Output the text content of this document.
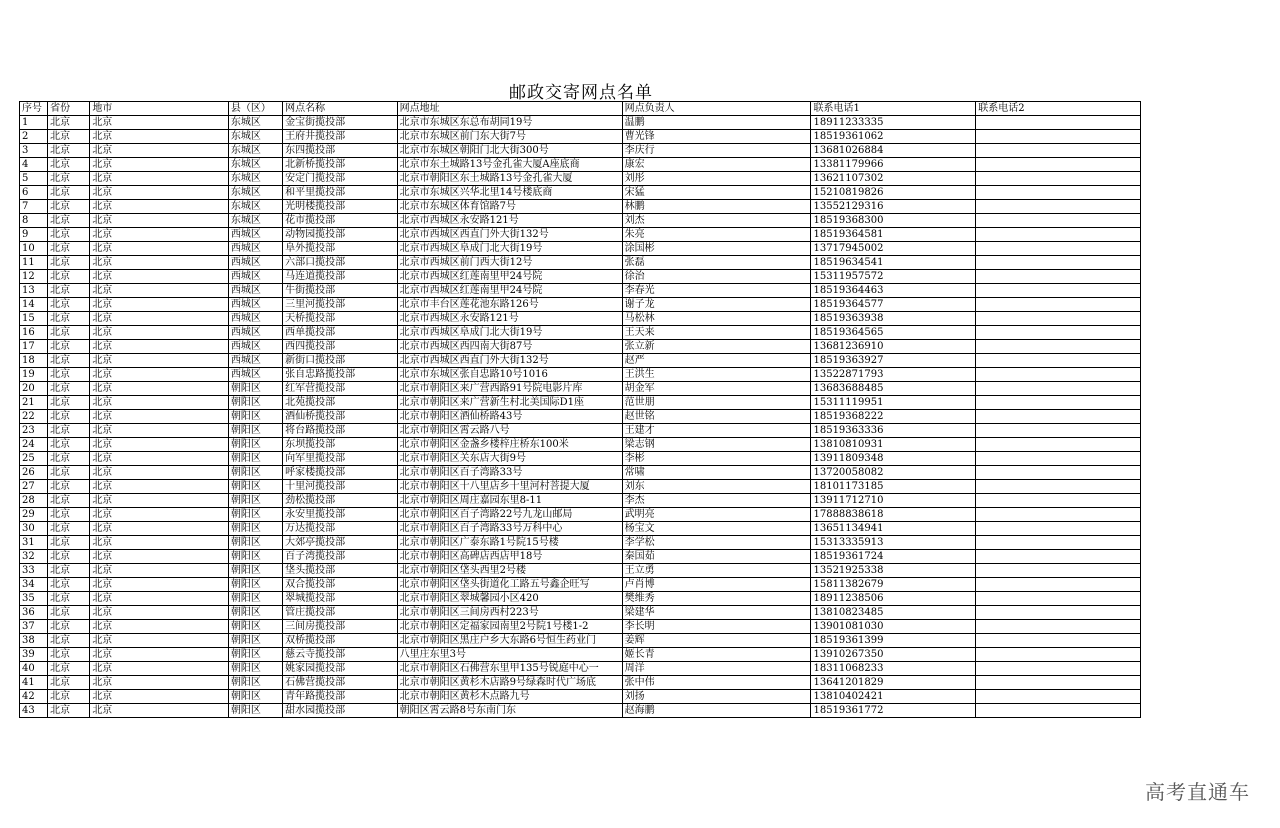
邮政交寄网点名单
序号	省份	地市	县（区）	网点名称	网点地址	网点负责人	联系电话1	联系电话2
1	北京	北京	东城区	金宝街揽投部	北京市东城区东总布胡同19号	温鹏	18911233335	
2	北京	北京	东城区	王府井揽投部	北京市东城区前门东大街7号	曹光锋	18519361062	
3	北京	北京	东城区	东四揽投部	北京市东城区朝阳门北大街300号	李庆行	13681026884	
4	北京	北京	东城区	北新桥揽投部	北京市东土城路13号金孔雀大厦A座底商	康宏	13381179966	
5	北京	北京	东城区	安定门揽投部	北京市朝阳区东土城路13号金孔雀大厦	刘彤	13621107302	
6	北京	北京	东城区	和平里揽投部	北京市东城区兴华北里14号楼底商	宋猛	15210819826	
7	北京	北京	东城区	光明楼揽投部	北京市东城区体育馆路7号	林鹏	13552129316	
8	北京	北京	东城区	花市揽投部	北京市西城区永安路121号	刘杰	18519368300	
9	北京	北京	西城区	动物园揽投部	北京市西城区西直门外大街132号	朱亮	18519364581	
10	北京	北京	西城区	阜外揽投部	北京市西城区阜成门北大街19号	涂国彬	13717945002	
11	北京	北京	西城区	六部口揽投部	北京市西城区前门西大街12号	张磊	18519634541	
12	北京	北京	西城区	马连道揽投部	北京市西城区红莲南里甲24号院	徐治	15311957572	
13	北京	北京	西城区	牛街揽投部	北京市西城区红莲南里甲24号院	李春光	18519364463	
14	北京	北京	西城区	三里河揽投部	北京市丰台区莲花池东路126号	谢子龙	18519364577	
15	北京	北京	西城区	天桥揽投部	北京市西城区永安路121号	马松林	18519363938	
16	北京	北京	西城区	西单揽投部	北京市西城区阜成门北大街19号	王天来	18519364565	
17	北京	北京	西城区	西四揽投部	北京市西城区西四南大街87号	张立新	13681236910	
18	北京	北京	西城区	新街口揽投部	北京市西城区西直门外大街132号	赵严	18519363927	
19	北京	北京	西城区	张自忠路揽投部	北京市东城区张自忠路10号1016	王洪生	13522871793	
20	北京	北京	朝阳区	红军营揽投部	北京市朝阳区来广营西路91号院电影片库	胡金军	13683688485	
21	北京	北京	朝阳区	北苑揽投部	北京市朝阳区来广营新生村北美国际D1座	范世朋	15311119951	
22	北京	北京	朝阳区	酒仙桥揽投部	北京市朝阳区酒仙桥路43号	赵世铭	18519368222	
23	北京	北京	朝阳区	将台路揽投部	北京市朝阳区霄云路八号	王建才	18519363336	
24	北京	北京	朝阳区	东坝揽投部	北京市朝阳区金盏乡楼梓庄桥东100米	梁志钢	13810810931	
25	北京	北京	朝阳区	向军里揽投部	北京市朝阳区关东店大街9号	李彬	13911809348	
26	北京	北京	朝阳区	呼家楼揽投部	北京市朝阳区百子湾路33号	常啸	13720058082	
27	北京	北京	朝阳区	十里河揽投部	北京市朝阳区十八里店乡十里河村菩提大厦	刘东	18101173185	
28	北京	北京	朝阳区	劲松揽投部	北京市朝阳区周庄嘉园东里8-11	李杰	13911712710	
29	北京	北京	朝阳区	永安里揽投部	北京市朝阳区百子湾路22号九龙山邮局	武明亮	17888838618	
30	北京	北京	朝阳区	万达揽投部	北京市朝阳区百子湾路33号万科中心	杨宝文	13651134941	
31	北京	北京	朝阳区	大郊亭揽投部	北京市朝阳区广泰东路1号院15号楼	李学松	15313335913	
32	北京	北京	朝阳区	百子湾揽投部	北京市朝阳区高碑店西店甲18号	秦国茹	18519361724	
33	北京	北京	朝阳区	垡头揽投部	北京市朝阳区垡头西里2号楼	王立勇	13521925338	
34	北京	北京	朝阳区	双合揽投部	北京市朝阳区垡头街道化工路五号鑫企旺写	卢肖博	15811382679	
35	北京	北京	朝阳区	翠城揽投部	北京市朝阳区翠城馨园小区420	樊维秀	18911238506	
36	北京	北京	朝阳区	管庄揽投部	北京市朝阳区三间房西村223号	梁建华	13810823485	
37	北京	北京	朝阳区	三间房揽投部	北京市朝阳区定福家园南里2号院1号楼1-2	李长明	13901081030	
38	北京	北京	朝阳区	双桥揽投部	北京市朝阳区黑庄户乡大东路6号恒生药业门	姜辉	18519361399	
39	北京	北京	朝阳区	慈云寺揽投部	八里庄东里3号	姬长青	13910267350	
40	北京	北京	朝阳区	姚家园揽投部	北京市朝阳区石佛营东里甲135号锐庭中心一	周洋	18311068233	
41	北京	北京	朝阳区	石佛营揽投部	北京市朝阳区黄杉木店路9号绿森时代广场底	张中伟	13641201829	
42	北京	北京	朝阳区	青年路揽投部	北京市朝阳区黄杉木点路九号	刘扬	13810402421	
43	北京	北京	朝阳区	甜水园揽投部	朝阳区霄云路8号东南门东	赵海鹏	18519361772	
高考直通车
